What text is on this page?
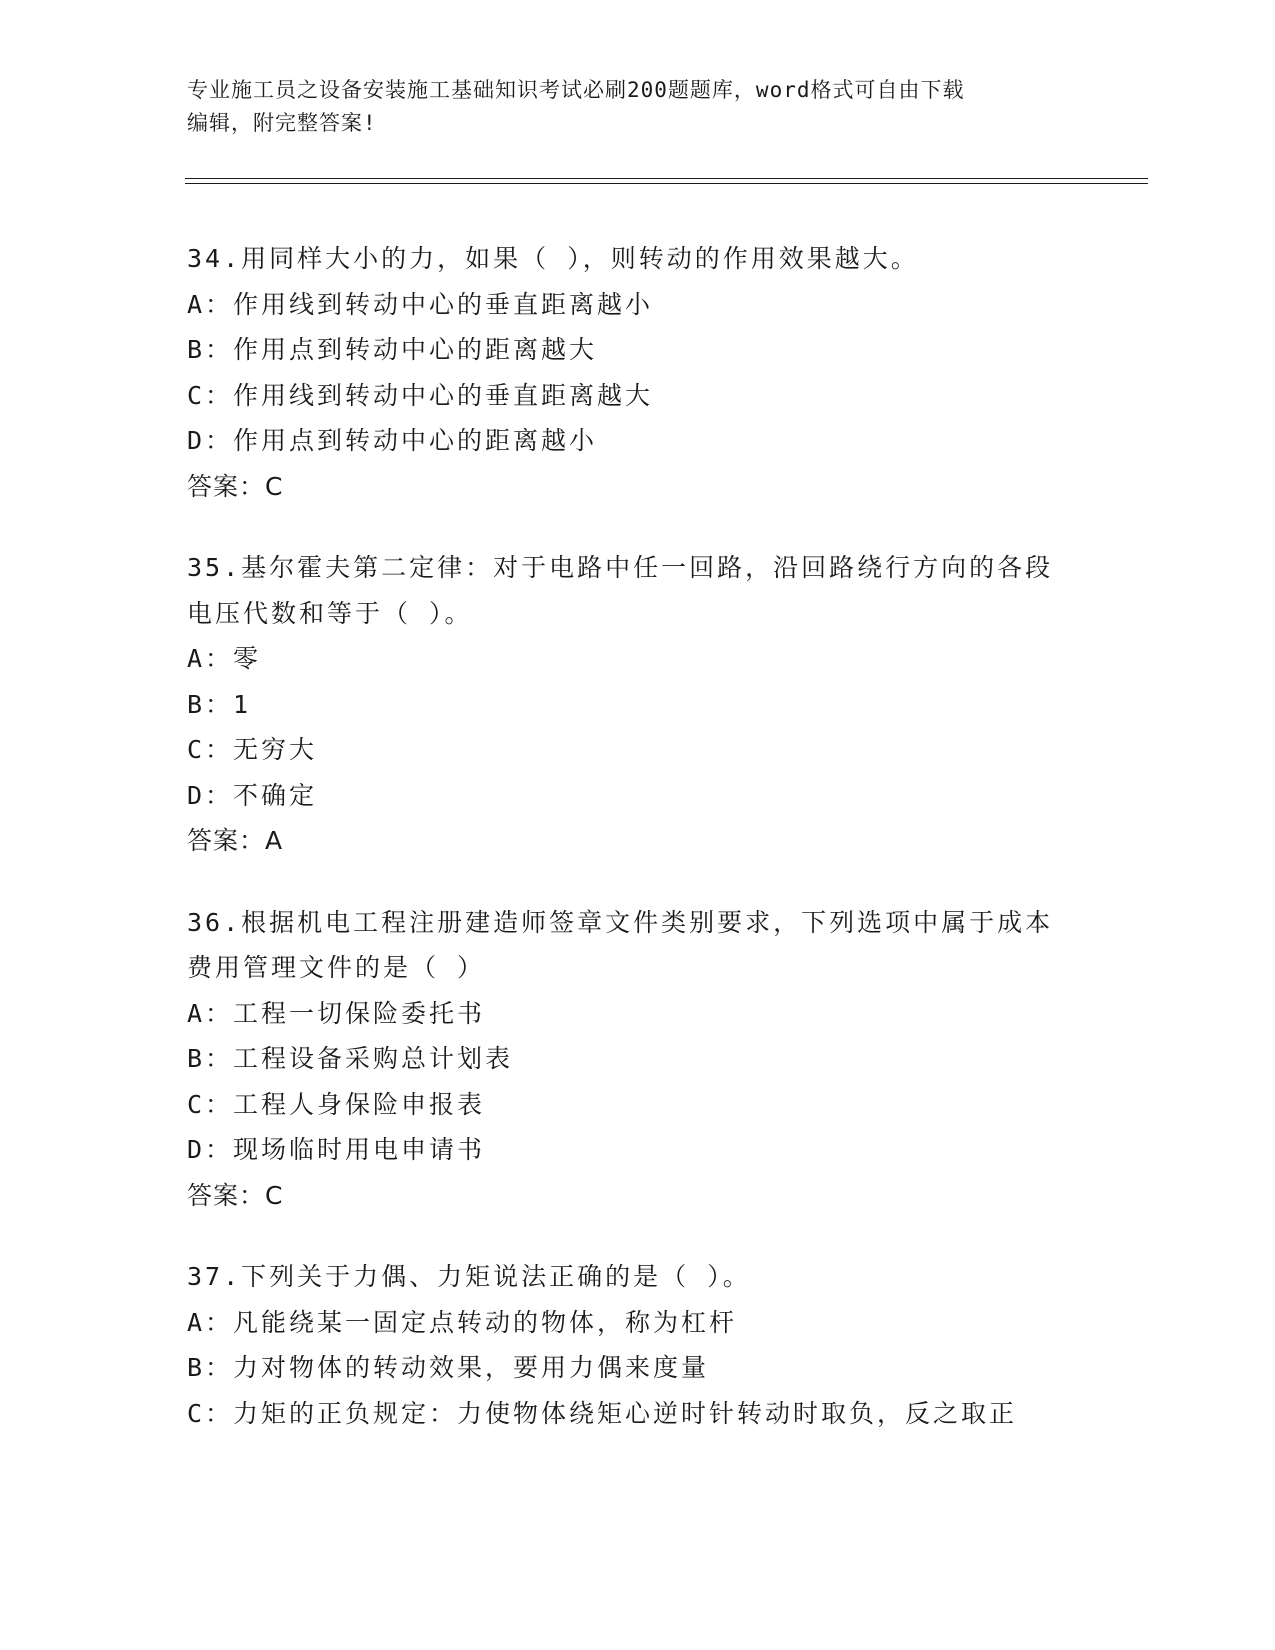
专业施工员之设备安装施工基础知识考试必刷200题题库，word格式可自由下载
编辑，附完整答案!
34.用同样大小的力，如果（ ），则转动的作用效果越大。
A：作用线到转动中心的垂直距离越小
B：作用点到转动中心的距离越大
C：作用线到转动中心的垂直距离越大
D：作用点到转动中心的距离越小
答案：C
35.基尔霍夫第二定律：对于电路中任一回路，沿回路绕行方向的各段
电压代数和等于（ ）。
A：零
B：1
C：无穷大
D：不确定
答案：A
36.根据机电工程注册建造师签章文件类别要求，下列选项中属于成本
费用管理文件的是（ ）
A：工程一切保险委托书
B：工程设备采购总计划表
C：工程人身保险申报表
D：现场临时用电申请书
答案：C
37.下列关于力偶、力矩说法正确的是（ ）。
A：凡能绕某一固定点转动的物体，称为杠杆
B：力对物体的转动效果，要用力偶来度量
C：力矩的正负规定：力使物体绕矩心逆时针转动时取负，反之取正
